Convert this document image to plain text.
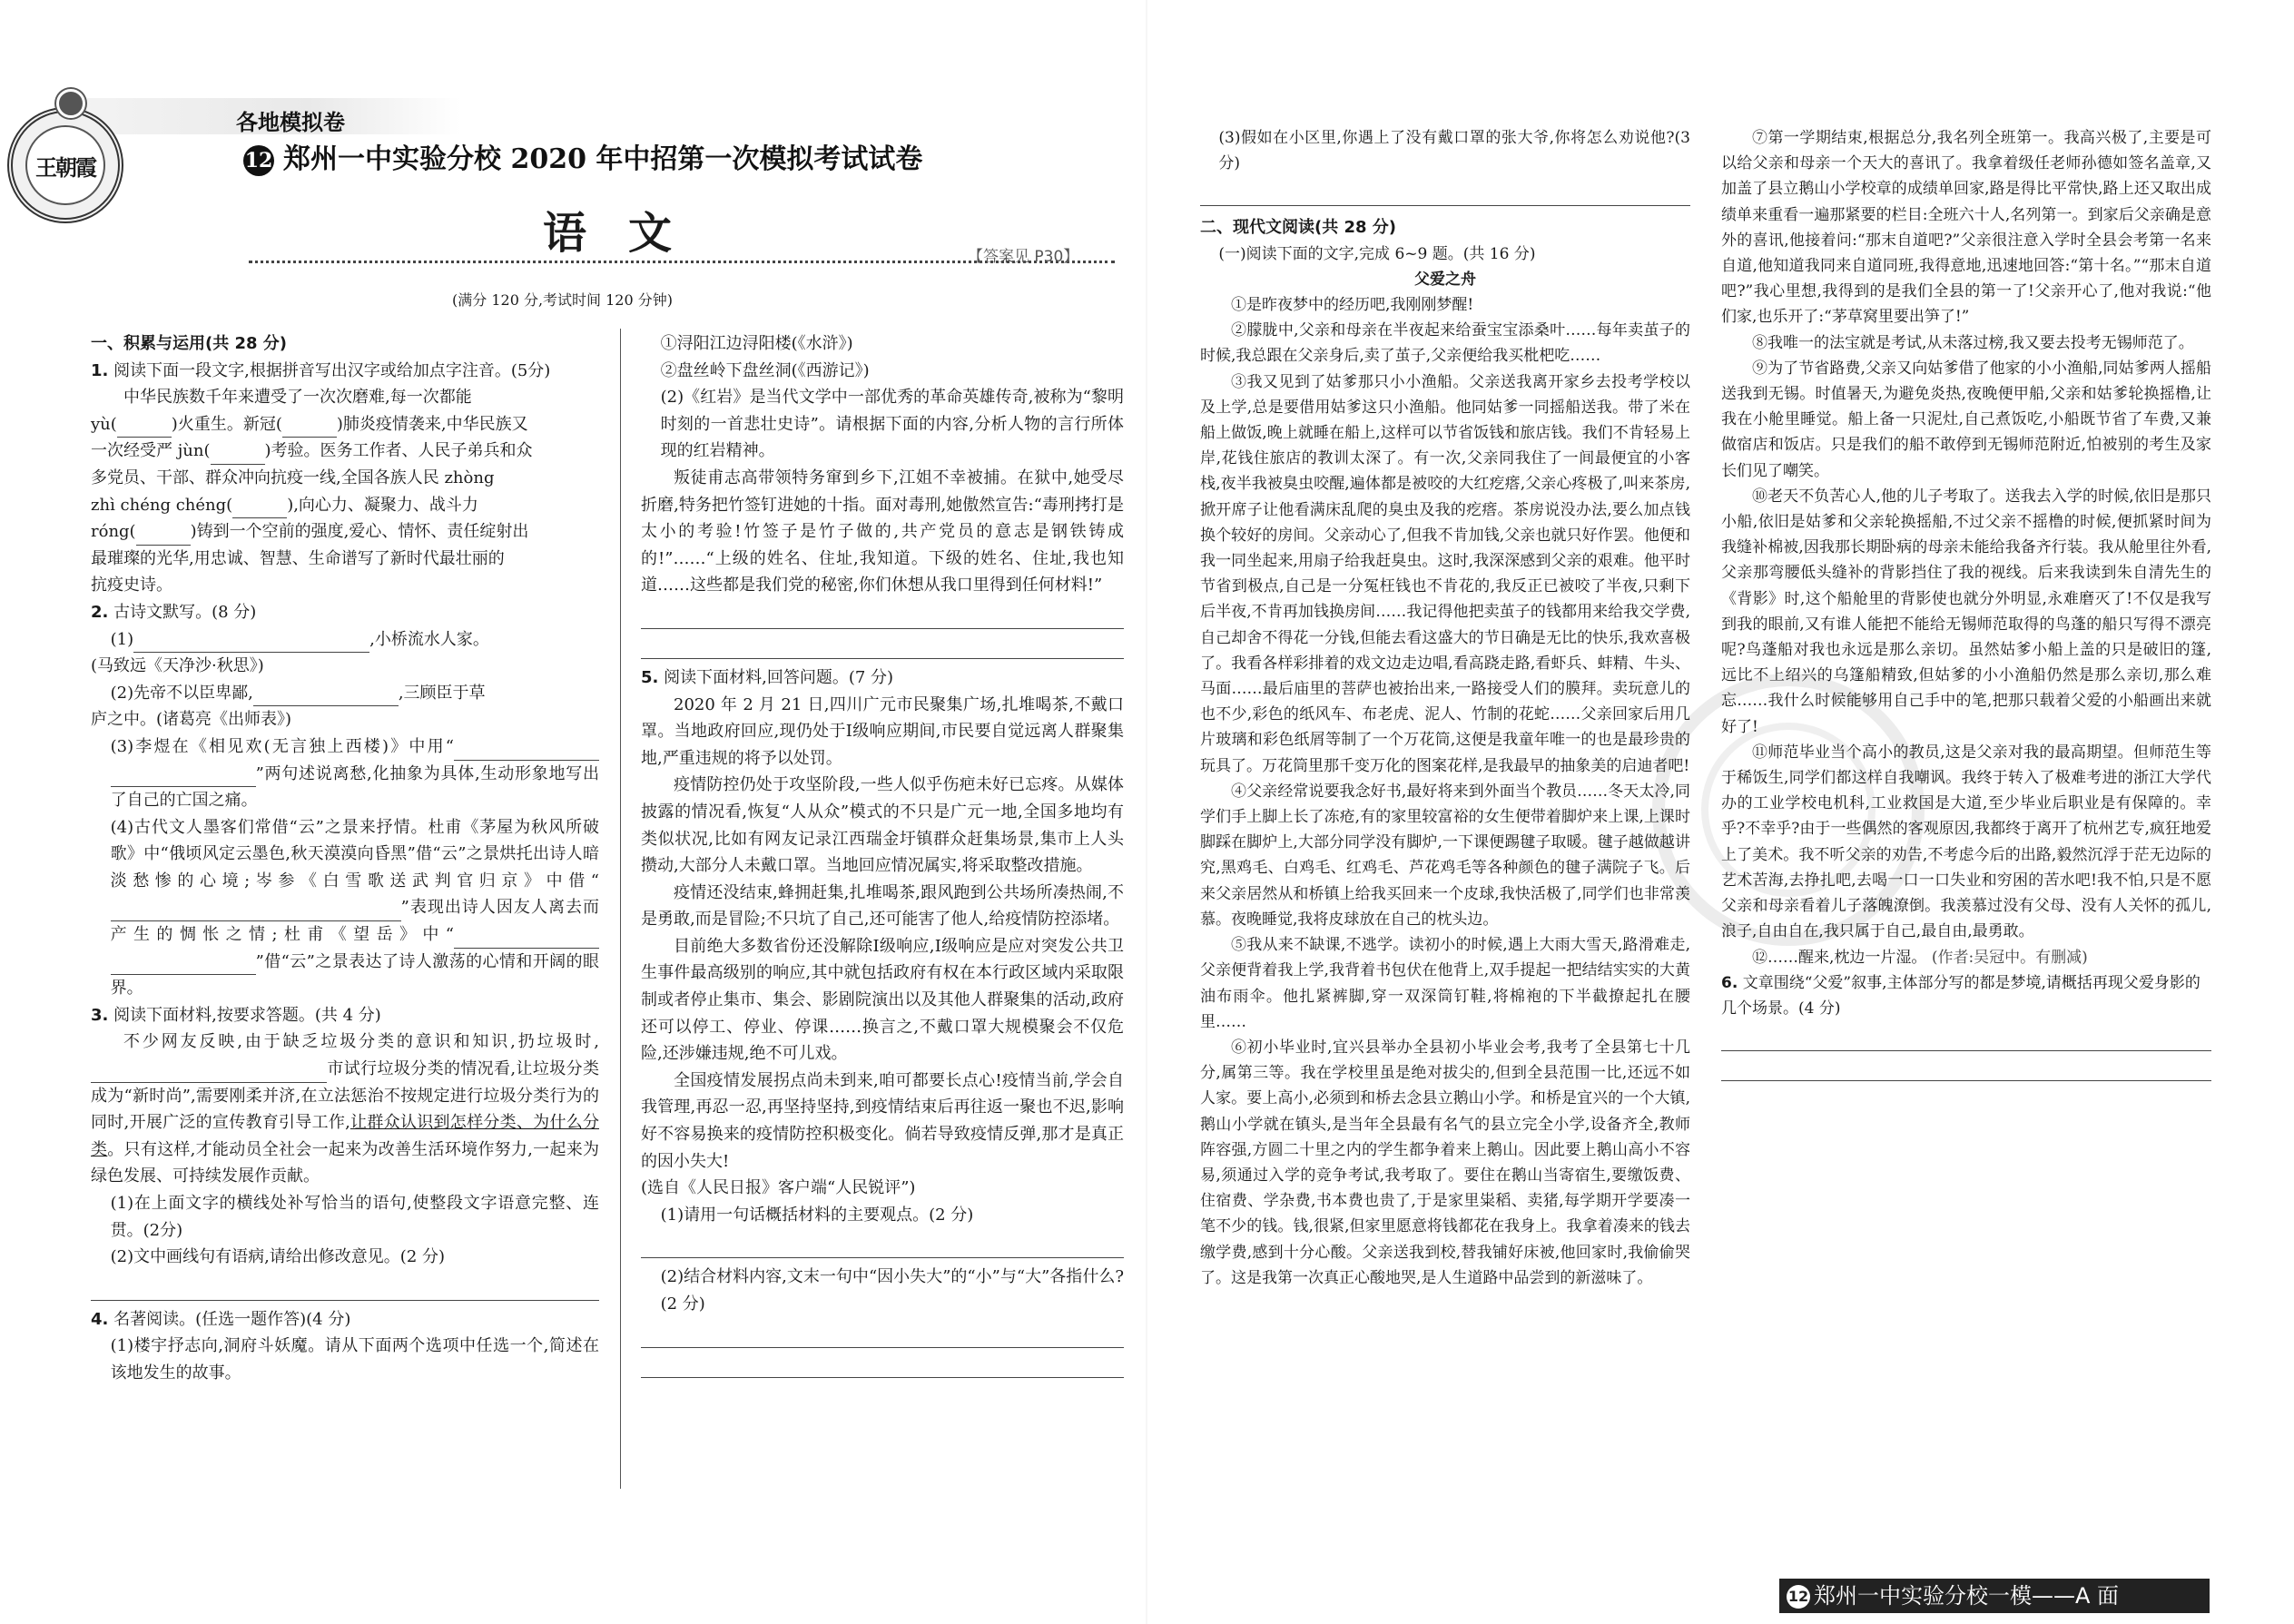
王朝霞
各地模拟卷
12 郑州一中实验分校 2020 年中招第一次模拟考试试卷
语文	【答案见 P30】
(满分 120 分,考试时间 120 分钟)
一、积累与运用(共 28 分)
1. 阅读下面一段文字,根据拼音写出汉字或给加点字注音。(5分)

中华民族数千年来遭受了一次次磨难,每一次都能

yù(	)火重生。新冠(	)肺炎疫情袭来,中华民族又

一次经受严 jùn(	)考验。医务工作者、人民子弟兵和众

多党员、干部、群众冲向抗疫一线,全国各族人民 zhòng

zhì chéng chéng(	),向心力、凝聚力、战斗力

róng(	)铸到一个空前的强度,爱心、情怀、责任绽射出

最璀璨的光华,用忠诚、智慧、生命谱写了新时代最壮丽的

抗疫史诗。

2. 古诗文默写。(8 分)

(1)	,小桥流水人家。

(马致远《天净沙·秋思》)

(2)先帝不以臣卑鄙,	,三顾臣于草

庐之中。(诸葛亮《出师表》)

(3)李煜在《相见欢(无言独上西楼)》中用“”两句述说离愁,化抽象为具体,生动形象地写出了自己的亡国之痛。

(4)古代文人墨客们常借“云”之景来抒情。杜甫《茅屋为秋风所破歌》中“俄顷风定云墨色,秋天漠漠向昏黑”借“云”之景烘托出诗人暗淡愁惨的心境;岑参《白雪歌送武判官归京》中借“”表现出诗人因友人离去而产生的惆怅之情;杜甫《望岳》中“”借“云”之景表达了诗人激荡的心情和开阔的眼界。

3. 阅读下面材料,按要求答题。(共 4 分)

不少网友反映,由于缺乏垃圾分类的意识和知识,扔垃圾时,市试行垃圾分类的情况看,让垃圾分类成为“新时尚”,需要刚柔并济,在立法惩治不按规定进行垃圾分类行为的同时,开展广泛的宣传教育引导工作,让群众认识到怎样分类、为什么分类。只有这样,才能动员全社会一起来为改善生活环境作努力,一起来为绿色发展、可持续发展作贡献。

(1)在上面文字的横线处补写恰当的语句,使整段文字语意完整、连贯。(2分)

(2)文中画线句有语病,请给出修改意见。(2 分)

4. 名著阅读。(任选一题作答)(4 分)

(1)楼宇抒志向,洞府斗妖魔。请从下面两个选项中任选一个,简述在该地发生的故事。

①浔阳江边浔阳楼(《水浒》)

②盘丝岭下盘丝洞(《西游记》)

(2)《红岩》是当代文学中一部优秀的革命英雄传奇,被称为“黎明时刻的一首悲壮史诗”。请根据下面的内容,分析人物的言行所体现的红岩精神。

叛徒甫志高带领特务窜到乡下,江姐不幸被捕。在狱中,她受尽折磨,特务把竹签钉进她的十指。面对毒刑,她傲然宣告:“毒刑拷打是太小的考验!竹签子是竹子做的,共产党员的意志是钢铁铸成的!”……“上级的姓名、住址,我知道。下级的姓名、住址,我也知道……这些都是我们党的秘密,你们休想从我口里得到任何材料!”

5. 阅读下面材料,回答问题。(7 分)

2020 年 2 月 21 日,四川广元市民聚集广场,扎堆喝茶,不戴口罩。当地政府回应,现仍处于Ⅰ级响应期间,市民要自觉远离人群聚集地,严重违规的将予以处罚。

疫情防控仍处于攻坚阶段,一些人似乎伤疤未好已忘疼。从媒体披露的情况看,恢复“人从众”模式的不只是广元一地,全国多地均有类似状况,比如有网友记录江西瑞金圩镇群众赶集场景,集市上人头攒动,大部分人未戴口罩。当地回应情况属实,将采取整改措施。

疫情还没结束,蜂拥赶集,扎堆喝茶,跟风跑到公共场所凑热闹,不是勇敢,而是冒险;不只坑了自己,还可能害了他人,给疫情防控添堵。

目前绝大多数省份还没解除Ⅰ级响应,Ⅰ级响应是应对突发公共卫生事件最高级别的响应,其中就包括政府有权在本行政区域内采取限制或者停止集市、集会、影剧院演出以及其他人群聚集的活动,政府还可以停工、停业、停课……换言之,不戴口罩大规模聚会不仅危险,还涉嫌违规,绝不可儿戏。

全国疫情发展拐点尚未到来,咱可都要长点心!疫情当前,学会自我管理,再忍一忍,再坚持坚持,到疫情结束后再往返一聚也不迟,影响好不容易换来的疫情防控积极变化。倘若导致疫情反弹,那才是真正的因小失大!

(选自《人民日报》客户端“人民锐评”)

(1)请用一句话概括材料的主要观点。(2 分)

(2)结合材料内容,文末一句中“因小失大”的“小”与“大”各指什么?(2 分)

(3)假如在小区里,你遇上了没有戴口罩的张大爷,你将怎么劝说他?(3 分)

二、现代文阅读(共 28 分)

(一)阅读下面的文字,完成 6~9 题。(共 16 分)

父爱之舟

①是昨夜梦中的经历吧,我刚刚梦醒!

②朦胧中,父亲和母亲在半夜起来给蚕宝宝添桑叶……每年卖茧子的时候,我总跟在父亲身后,卖了茧子,父亲便给我买枇杷吃……

③我又见到了姑爹那只小小渔船。父亲送我离开家乡去投考学校以及上学,总是要借用姑爹这只小渔船。他同姑爹一同摇船送我。带了米在船上做饭,晚上就睡在船上,这样可以节省饭钱和旅店钱。我们不肯轻易上岸,花钱住旅店的教训太深了。有一次,父亲同我住了一间最便宜的小客栈,夜半我被臭虫咬醒,遍体都是被咬的大红疙瘩,父亲心疼极了,叫来茶房,掀开席子让他看满床乱爬的臭虫及我的疙瘩。茶房说没办法,要么加点钱换个较好的房间。父亲动心了,但我不肯加钱,父亲也就只好作罢。他便和我一同坐起来,用扇子给我赶臭虫。这时,我深深感到父亲的艰难。他平时节省到极点,自己是一分冤枉钱也不肯花的,我反正已被咬了半夜,只剩下后半夜,不肯再加钱换房间……我记得他把卖茧子的钱都用来给我交学费,自己却舍不得花一分钱,但能去看这盛大的节日确是无比的快乐,我欢喜极了。我看各样彩排着的戏文边走边唱,看高跷走路,看虾兵、蚌精、牛头、马面……最后庙里的菩萨也被抬出来,一路接受人们的膜拜。卖玩意儿的也不少,彩色的纸风车、布老虎、泥人、竹制的花蛇……父亲回家后用几片玻璃和彩色纸屑等制了一个万花筒,这便是我童年唯一的也是最珍贵的玩具了。万花筒里那千变万化的图案花样,是我最早的抽象美的启迪者吧!

④父亲经常说要我念好书,最好将来到外面当个教员……冬天太冷,同学们手上脚上长了冻疮,有的家里较富裕的女生便带着脚炉来上课,上课时脚踩在脚炉上,大部分同学没有脚炉,一下课便踢毽子取暖。毽子越做越讲究,黑鸡毛、白鸡毛、红鸡毛、芦花鸡毛等各种颜色的毽子满院子飞。后来父亲居然从和桥镇上给我买回来一个皮球,我快活极了,同学们也非常羡慕。夜晚睡觉,我将皮球放在自己的枕头边。

⑤我从来不缺课,不逃学。读初小的时候,遇上大雨大雪天,路滑难走,父亲便背着我上学,我背着书包伏在他背上,双手提起一把结结实实的大黄油布雨伞。他扎紧裤脚,穿一双深筒钉鞋,将棉袍的下半截撩起扎在腰里……

⑥初小毕业时,宜兴县举办全县初小毕业会考,我考了全县第七十几分,属第三等。我在学校里虽是绝对拔尖的,但到全县范围一比,还远不如人家。要上高小,必须到和桥去念县立鹅山小学。和桥是宜兴的一个大镇,鹅山小学就在镇头,是当年全县最有名气的县立完全小学,设备齐全,教师阵容强,方圆二十里之内的学生都争着来上鹅山。因此要上鹅山高小不容易,须通过入学的竞争考试,我考取了。要住在鹅山当寄宿生,要缴饭费、住宿费、学杂费,书本费也贵了,于是家里粜稻、卖猪,每学期开学要凑一笔不少的钱。钱,很紧,但家里愿意将钱都花在我身上。我拿着凑来的钱去缴学费,感到十分心酸。父亲送我到校,替我铺好床被,他回家时,我偷偷哭了。这是我第一次真正心酸地哭,是人生道路中品尝到的新滋味了。

⑦第一学期结束,根据总分,我名列全班第一。我高兴极了,主要是可以给父亲和母亲一个天大的喜讯了。我拿着级任老师孙德如签名盖章,又加盖了县立鹅山小学校章的成绩单回家,路是得比平常快,路上还又取出成绩单来重看一遍那紧要的栏目:全班六十人,名列第一。到家后父亲确是意外的喜讯,他接着问:“那末自道吧?”父亲很注意入学时全县会考第一名来自道,他知道我同来自道同班,我得意地,迅速地回答:“第十名。”“那末自道吧?”我心里想,我得到的是我们全县的第一了!父亲开心了,他对我说:“他们家,也乐开了:“茅草窝里要出笋了!”

⑧我唯一的法宝就是考试,从未落过榜,我又要去投考无锡师范了。

⑨为了节省路费,父亲又向姑爹借了他家的小小渔船,同姑爹两人摇船送我到无锡。时值暑天,为避免炎热,夜晚便甲船,父亲和姑爹轮换摇橹,让我在小舱里睡觉。船上备一只泥灶,自己煮饭吃,小船既节省了车费,又兼做宿店和饭店。只是我们的船不敢停到无锡师范附近,怕被别的考生及家长们见了嘲笑。

⑩老天不负苦心人,他的儿子考取了。送我去入学的时候,依旧是那只小船,依旧是姑爹和父亲轮换摇船,不过父亲不摇橹的时候,便抓紧时间为我缝补棉被,因我那长期卧病的母亲未能给我备齐行装。我从舱里往外看,父亲那弯腰低头缝补的背影挡住了我的视线。后来我读到朱自清先生的《背影》时,这个船舱里的背影使也就分外明显,永难磨灭了!不仅是我写到我的眼前,又有谁人能把不能给无锡师范取得的鸟蓬的船只写得不漂亮呢?鸟蓬船对我也永远是那么亲切。虽然姑爹小船上盖的只是破旧的篷,远比不上绍兴的乌篷船精致,但姑爹的小小渔船仍然是那么亲切,那么难忘……我什么时候能够用自己手中的笔,把那只载着父爱的小船画出来就好了!

⑪师范毕业当个高小的教员,这是父亲对我的最高期望。但师范生等于稀饭生,同学们都这样自我嘲讽。我终于转入了极难考进的浙江大学代办的工业学校电机科,工业救国是大道,至少毕业后职业是有保障的。幸乎?不幸乎?由于一些偶然的客观原因,我都终于离开了杭州艺专,疯狂地爱上了美术。我不听父亲的劝告,不考虑今后的出路,毅然沉浮于茫无边际的艺术苦海,去挣扎吧,去喝一口一口失业和穷困的苦水吧!我不怕,只是不愿父亲和母亲看着儿子落魄潦倒。我羡慕过没有父母、没有人关怀的孤儿,浪子,自由自在,我只属于自己,最自由,最勇敢。

⑫……醒来,枕边一片湿。 (作者:吴冠中。有删减)

6. 文章围绕“父爱”叙事,主体部分写的都是梦境,请概括再现父爱身影的几个场景。(4 分)
12 郑州一中实验分校一模——A 面
